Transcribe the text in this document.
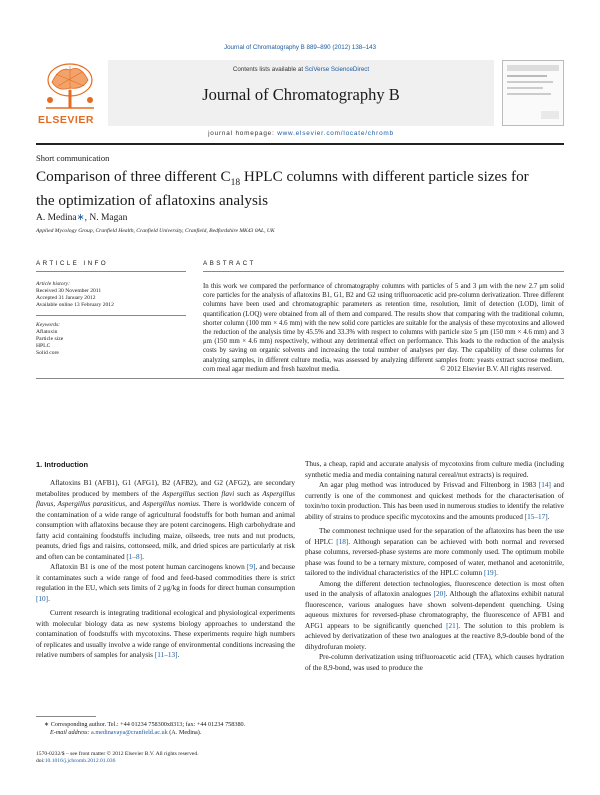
Journal of Chromatography B 889–890 (2012) 138–143
ELSEVIER
Contents lists available at SciVerse ScienceDirect
Journal of Chromatography B
journal homepage: www.elsevier.com/locate/chromb
Short communication
Comparison of three different $C_{18}$ HPLC columns with different particle sizes for
the optimization of aflatoxins analysis
A. Medina∗, N. Magan
Applied Mycology Group, Cranfield Health, Cranfield University, Cranfield, Bedfordshire MK43 0AL, UK
ARTICLE INFO	ABSTRACT
Article history:
Received 30 November 2011
Accepted 31 January 2012
Available online 13 February 2012
Keywords:
Aflatoxin
Particle size
HPLC
Solid core
In this work we compared the performance of chromatography columns with particles of 5 and 3 μm with the new 2.7 μm solid core particles for the analysis of aflatoxins B1, G1, B2 and G2 using trifluoroacetic acid pre-column derivatization. Three different columns have been used and chromatographic parameters as retention time, resolution, limit of detection (LOD), limit of quantification (LOQ) were obtained from all of them and compared. The results show that comparing with the traditional column, shorter column (100 mm × 4.6 mm) with the new solid core particles are suitable for the analysis of these mycotoxins and allowed the reduction of the analysis time by 45.5% and 33.3% with respect to columns with particle size 5 μm (150 mm × 4.6 mm) and 3 μm (150 mm × 4.6 mm) respectively, without any detrimental effect on performance. This leads to the reduction of the analysis costs by saving on organic solvents and increasing the total number of analyses per day. The capability of these columns for analyzing samples, in different culture media, was assessed by analyzing different samples from: yeasts extract sucrose medium, corn meal agar medium and fresh hazelnut media.	© 2012 Elsevier B.V. All rights reserved.
1. Introduction

Aflatoxins B1 (AFB1), G1 (AFG1), B2 (AFB2), and G2 (AFG2), are secondary metabolites produced by members of the Aspergillus section flavi such as Aspergillus flavus, Aspergillus parasiticus, and Aspergillus nomius. There is worldwide concern of the contamination of a wide range of agricultural foodstuffs for both human and animal consumption with aflatoxins because they are potent carcinogens. High carbohydrate and fatty acid containing foodstuffs including maize, oilseeds, tree nuts and nut products, peanuts, dried figs and raisins, cottonseed, milk, and dried spices are particularly at risk and often can be contaminated [1–8].

Aflatoxin B1 is one of the most potent human carcinogens known [9], and because it contaminates such a wide range of food and feed-based commodities there is strict regulation in the EU, which sets limits of 2 μg/kg in foods for direct human consumption [10].

Current research is integrating traditional ecological and physiological experiments with molecular biology data as new systems biology approaches to understand the contamination of foodstuffs with mycotoxins. These experiments require high numbers of replicates and usually involve a wide range of environmental conditions increasing the relative numbers of samples for analysis [11–13].

Thus, a cheap, rapid and accurate analysis of mycotoxins from culture media (including synthetic media and media containing natural cereal/nut extracts) is required.

An agar plug method was introduced by Frisvad and Filtenborg in 1983 [14] and currently is one of the commonest and quickest methods for the characterisation of toxin/no toxin production. This has been used in numerous studies to identify the relative ability of strains to produce specific mycotoxins and the amounts produced [15–17].

The commonest technique used for the separation of the aflatoxins has been the use of HPLC [18]. Although separation can be achieved with both normal and reversed phase columns, reversed-phase systems are more commonly used. The optimum mobile phase was found to be a ternary mixture, composed of water, methanol and acetonitrile, tailored to the individual characteristics of the HPLC column [19].

Among the different detection technologies, fluorescence detection is most often used in the analysis of aflatoxin analogues [20]. Although the aflatoxins exhibit natural fluorescence, various analogues have shown solvent-dependent quenching. Using aqueous mixtures for reversed-phase chromatography, the fluorescence of AFB1 and AFG1 appears to be significantly quenched [21]. The solution to this problem is achieved by derivatization of these two analogues at the reactive 8,9-double bond of the dihydrofuran moiety.

Pre-column derivatization using trifluoroacetic acid (TFA), which causes hydration of the 8,9-bond, was used to produce the

∗ Corresponding author. Tel.: +44 01234 758300x8313; fax: +44 01234 758380.
E-mail address: a.medinavaya@cranfield.ac.uk (A. Medina).
1570-0232/$ – see front matter © 2012 Elsevier B.V. All rights reserved.
doi:10.1016/j.jchromb.2012.01.036
